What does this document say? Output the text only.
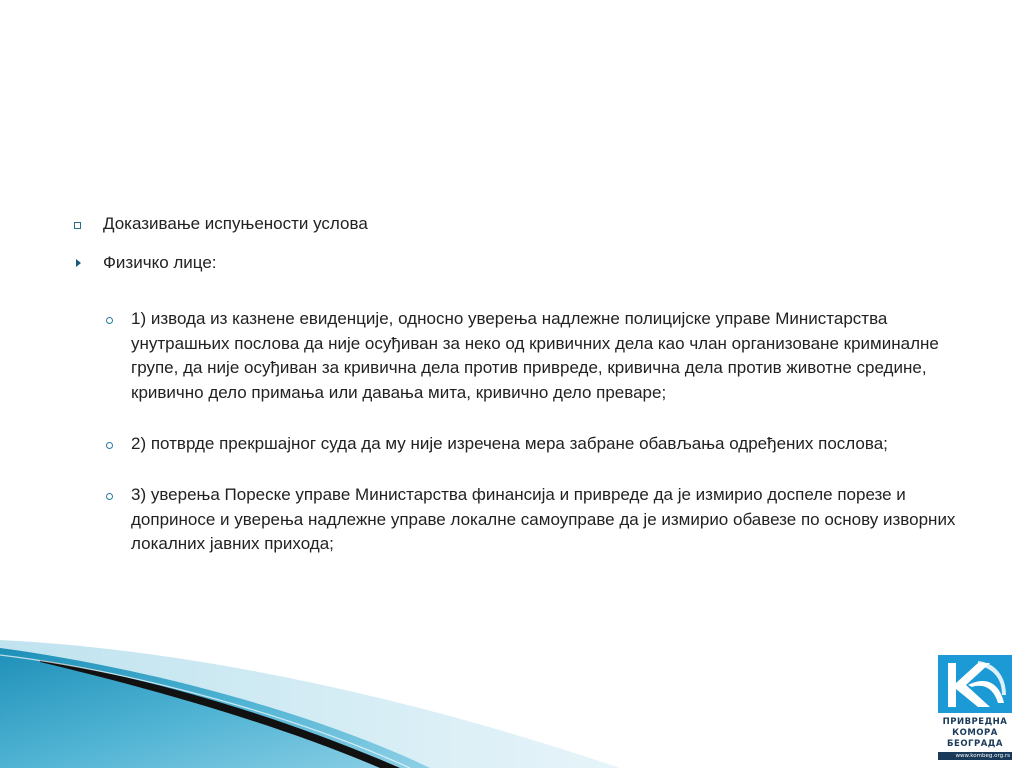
Доказивање испуњености услова
Физичко лице:
1) извода из казнене евиденције, односно уверења надлежне полицијске управе Министарства унутрашњих послова да није осуђиван за неко од кривичних дела као члан организоване криминалне групе, да није осуђиван за кривична дела против привреде, кривична дела против животне средине, кривично дело примања или давања мита, кривично дело преваре;
2) потврде прекршајног суда да му није изречена мера забране обављања одређених послова;
3) уверења Пореске управе Министарства финансија и привреде да је измирио доспеле порезе и доприносе и уверења надлежне управе локалне самоуправе да је измирио обавезе по основу изворних локалних јавних прихода;
ПРИВРЕДНА
КОМОРА
БЕОГРАДА
www.kombeg.org.rs
